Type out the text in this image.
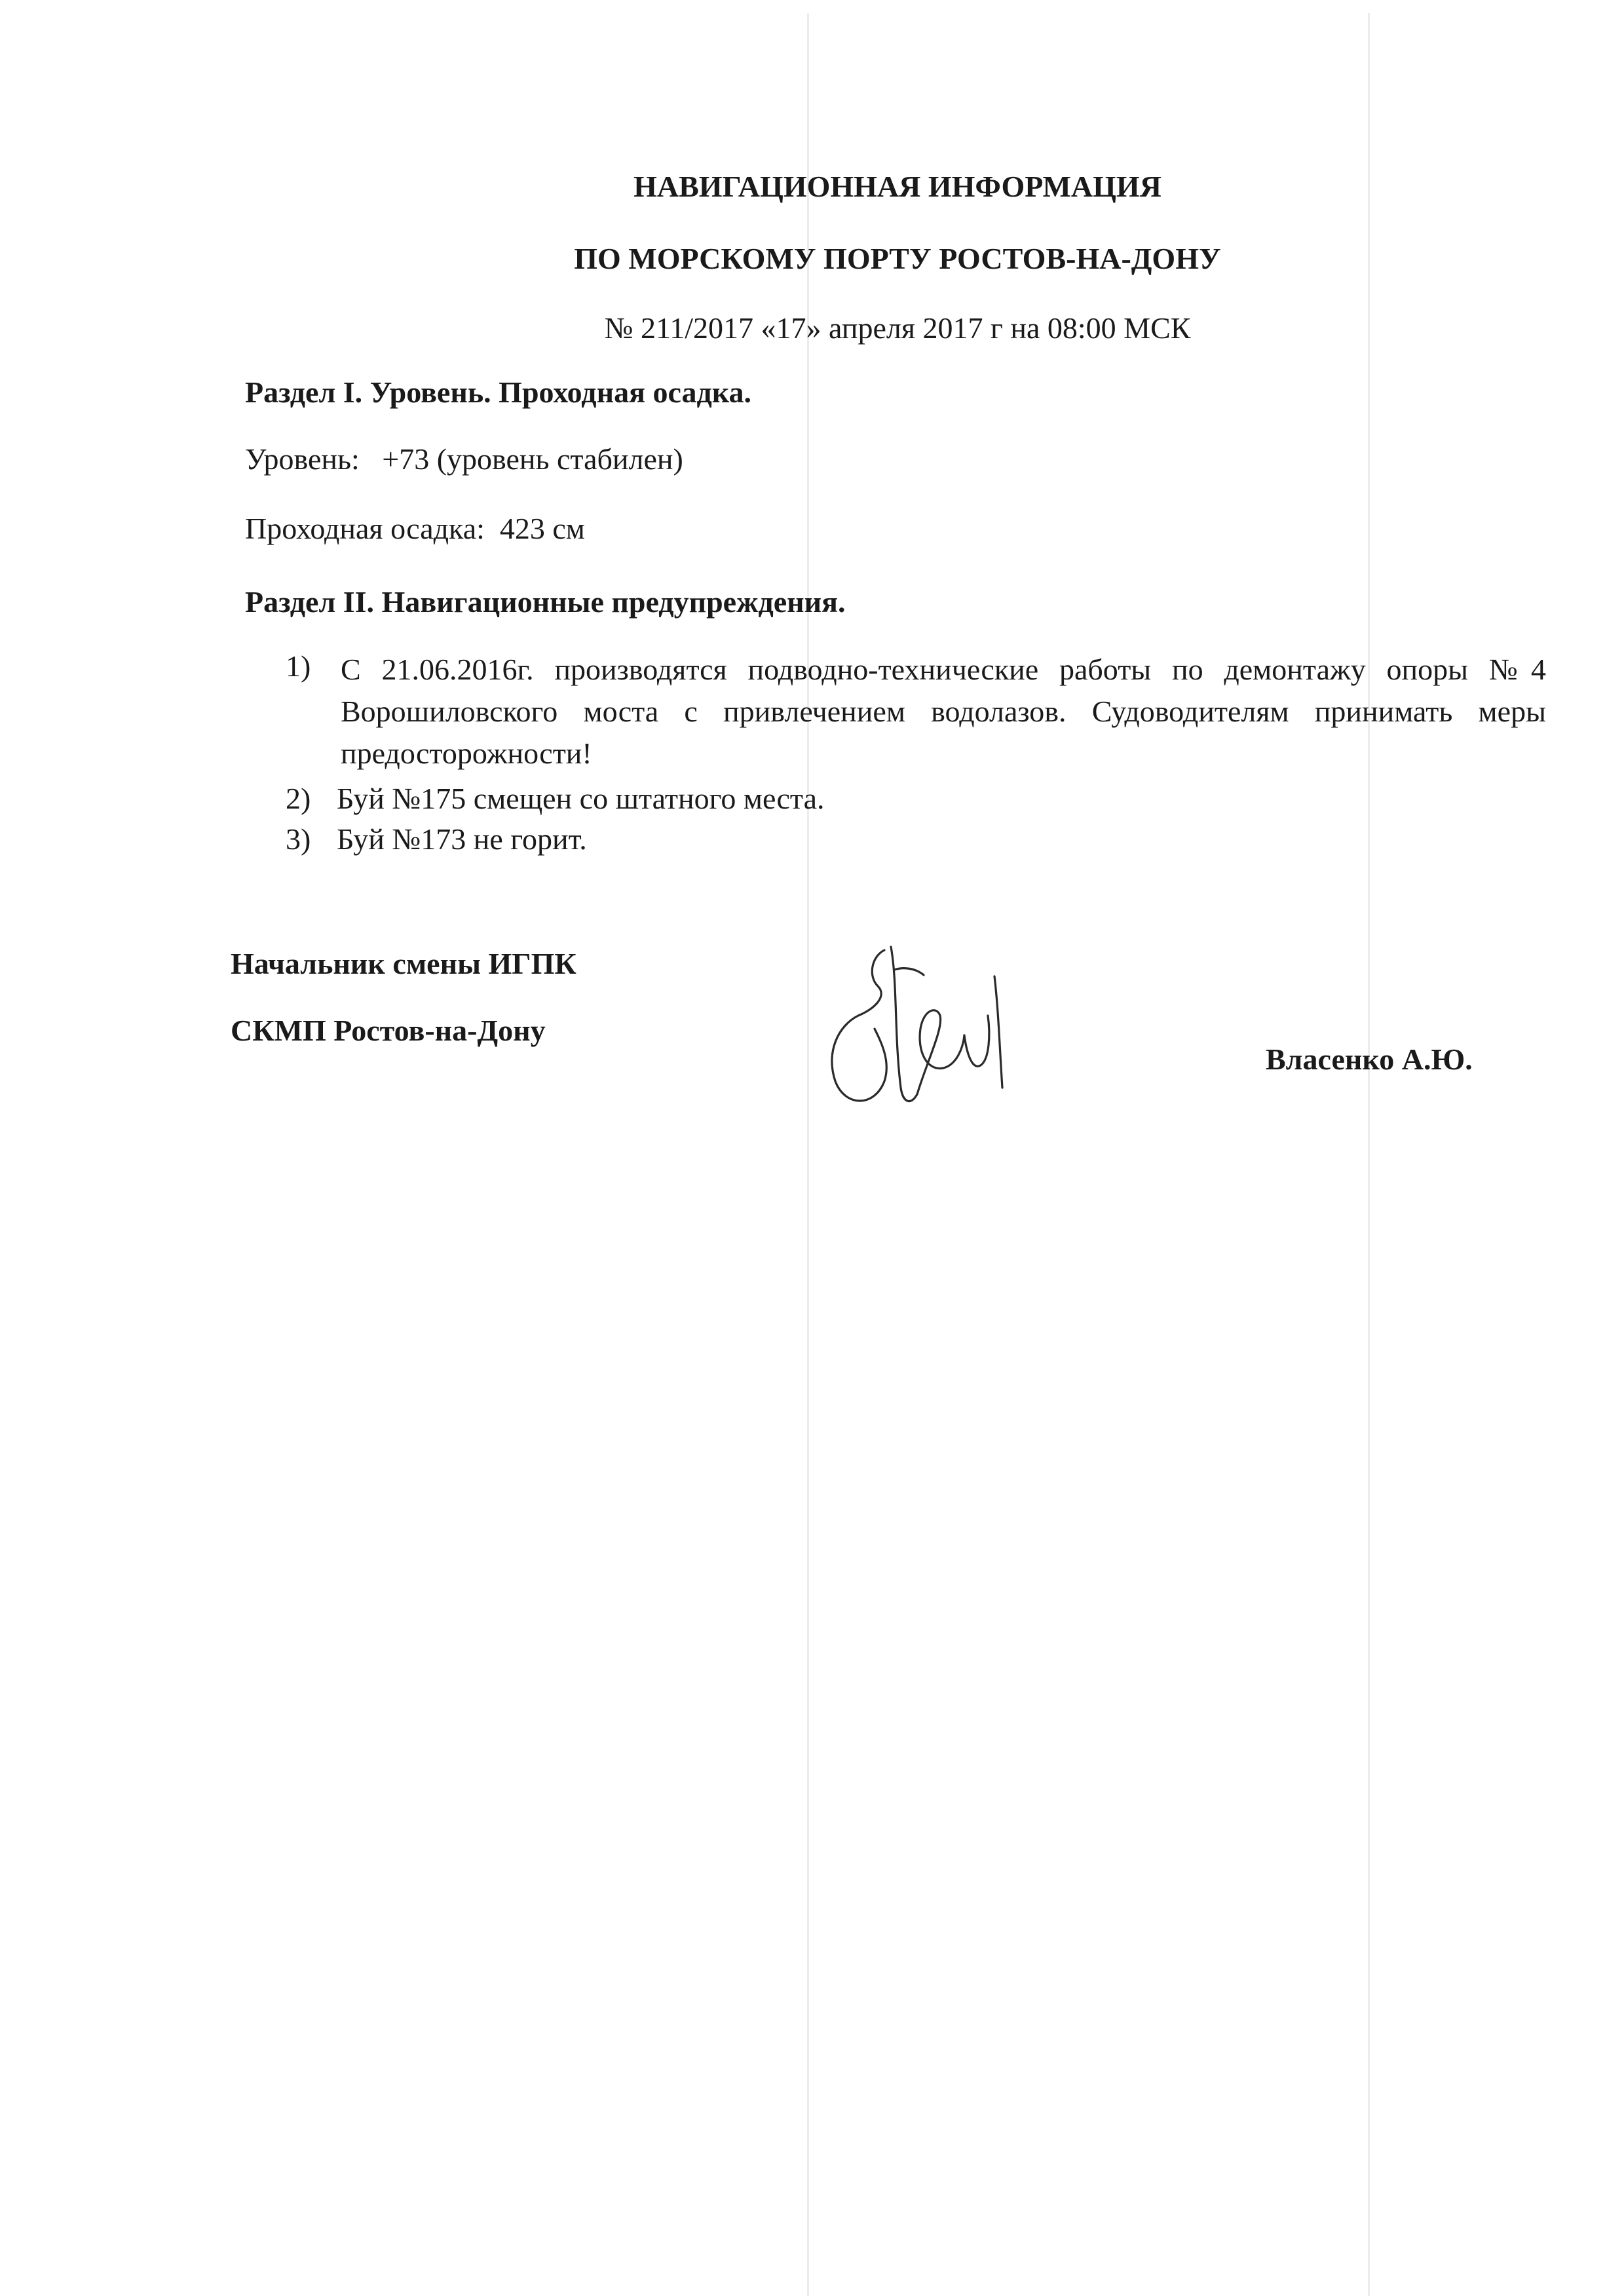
НАВИГАЦИОННАЯ ИНФОРМАЦИЯ
ПО МОРСКОМУ ПОРТУ РОСТОВ-НА-ДОНУ
№ 211/2017 «17» апреля 2017 г на 08:00 МСК
Раздел I. Уровень. Проходная осадка.
Уровень: +73 (уровень стабилен)
Проходная осадка: 423 см
Раздел II. Навигационные предупреждения.
1) С 21.06.2016г. производятся подводно-технические работы по демонтажу опоры №4 Ворошиловского моста с привлечением водолазов. Судоводителям принимать меры предосторожности!
2) Буй №175 смещен со штатного места.
3) Буй №173 не горит.
Начальник смены ИГПК
СКМП Ростов-на-Дону
Власенко А.Ю.
